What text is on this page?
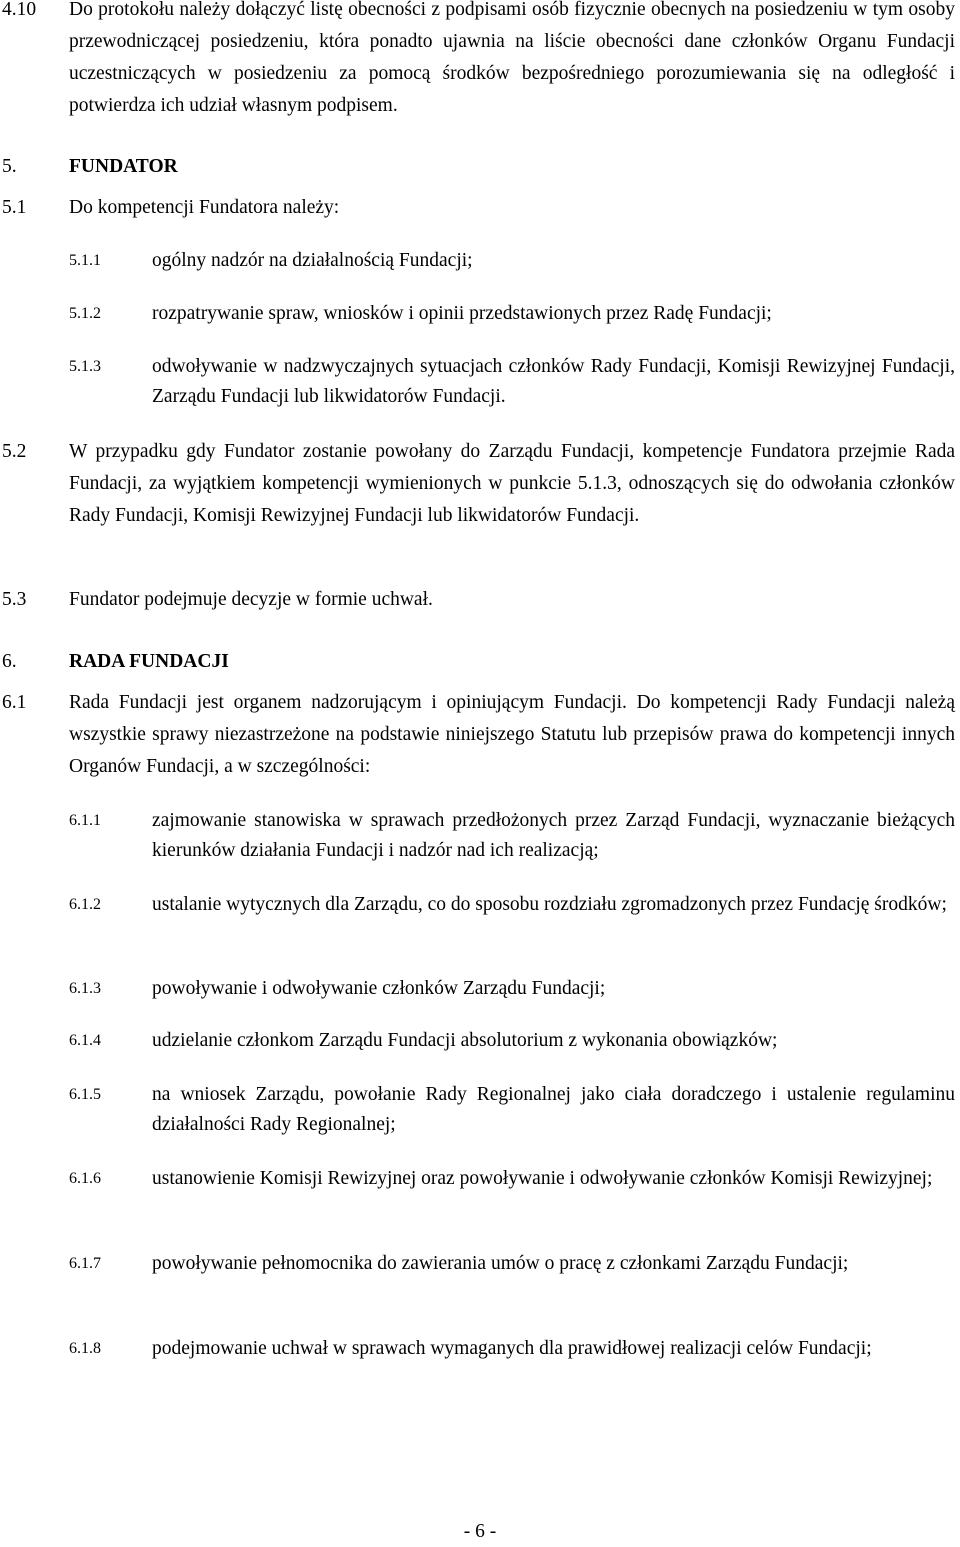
4.10 Do protokołu należy dołączyć listę obecności z podpisami osób fizycznie obecnych na posiedzeniu w tym osoby przewodniczącej posiedzeniu, która ponadto ujawnia na liście obecności dane członków Organu Fundacji uczestniczących w posiedzeniu za pomocą środków bezpośredniego porozumiewania się na odległość i potwierdza ich udział własnym podpisem.
5.	FUNDATOR
5.1 Do kompetencji Fundatora należy:
5.1.1	ogólny nadzór na działalnością Fundacji;
5.1.2	rozpatrywanie spraw, wniosków i opinii przedstawionych przez Radę Fundacji;
5.1.3	odwoływanie w nadzwyczajnych sytuacjach członków Rady Fundacji, Komisji Rewizyjnej Fundacji, Zarządu Fundacji lub likwidatorów Fundacji.
5.2 W przypadku gdy Fundator zostanie powołany do Zarządu Fundacji, kompetencje Fundatora przejmie Rada Fundacji, za wyjątkiem kompetencji wymienionych w punkcie 5.1.3, odnoszących się do odwołania członków Rady Fundacji, Komisji Rewizyjnej Fundacji lub likwidatorów Fundacji.
5.3 Fundator podejmuje decyzje w formie uchwał.
6.	RADA FUNDACJI
6.1 Rada Fundacji jest organem nadzorującym i opiniującym Fundacji. Do kompetencji Rady Fundacji należą wszystkie sprawy niezastrzeżone na podstawie niniejszego Statutu lub przepisów prawa do kompetencji innych Organów Fundacji, a w szczególności:
6.1.1	zajmowanie stanowiska w sprawach przedłożonych przez Zarząd Fundacji, wyznaczanie bieżących kierunków działania Fundacji i nadzór nad ich realizacją;
6.1.2	ustalanie wytycznych dla Zarządu, co do sposobu rozdziału zgromadzonych przez Fundację środków;
6.1.3	powoływanie i odwoływanie członków Zarządu Fundacji;
6.1.4	udzielanie członkom Zarządu Fundacji absolutorium z wykonania obowiązków;
6.1.5	na wniosek Zarządu, powołanie Rady Regionalnej jako ciała doradczego i ustalenie regulaminu działalności Rady Regionalnej;
6.1.6	ustanowienie Komisji Rewizyjnej oraz powoływanie i odwoływanie członków Komisji Rewizyjnej;
6.1.7	powoływanie pełnomocnika do zawierania umów o pracę z członkami Zarządu Fundacji;
6.1.8	podejmowanie uchwał w sprawach wymaganych dla prawidłowej realizacji celów Fundacji;
- 6 -
